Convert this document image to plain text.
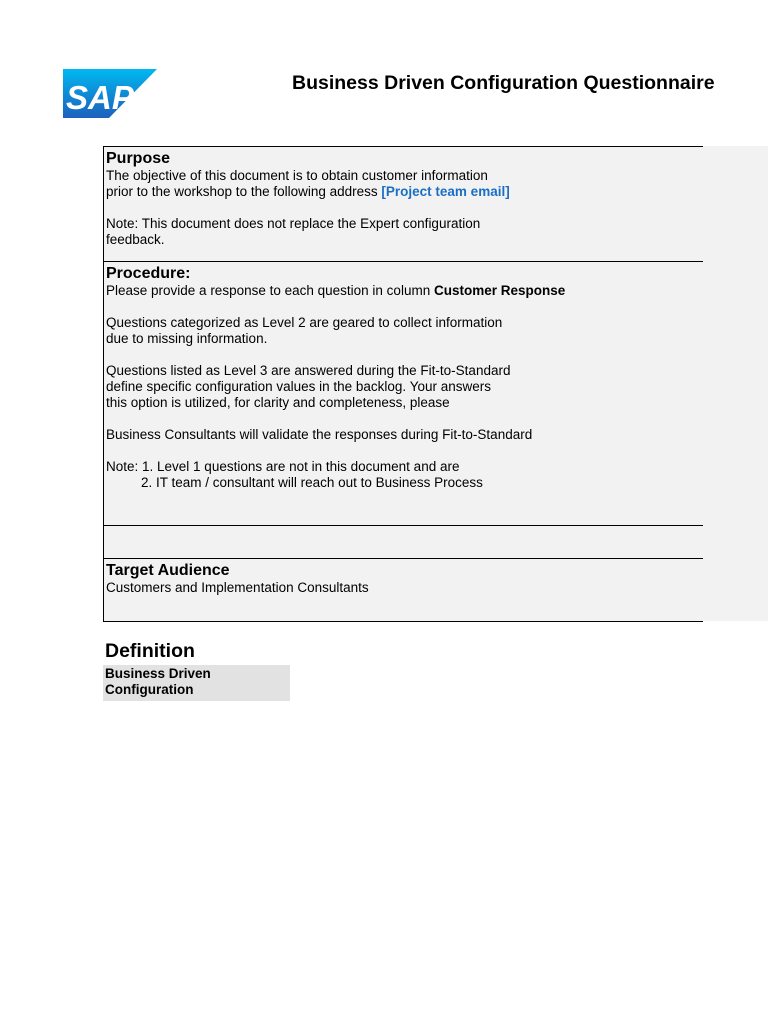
SAP	Business Driven Configuration Questionnaire
Purpose
The objective of this document is to obtain customer information
prior to the workshop to the following address [Project team email]
Note: This document does not replace the Expert configuration
feedback.
Procedure:
Please provide a response to each question in column Customer Response
Questions categorized as Level 2 are geared to collect information
due to missing information.
Questions listed as Level 3 are answered during the Fit-to-Standard
define specific configuration values in the backlog. Your answers
this option is utilized, for clarity and completeness, please
Business Consultants will validate the responses during Fit-to-Standard
Note: 1. Level 1 questions are not in this document and are
2. IT team / consultant will reach out to Business Process
Target Audience
Customers and Implementation Consultants
Definition
Business Driven
Configuration
